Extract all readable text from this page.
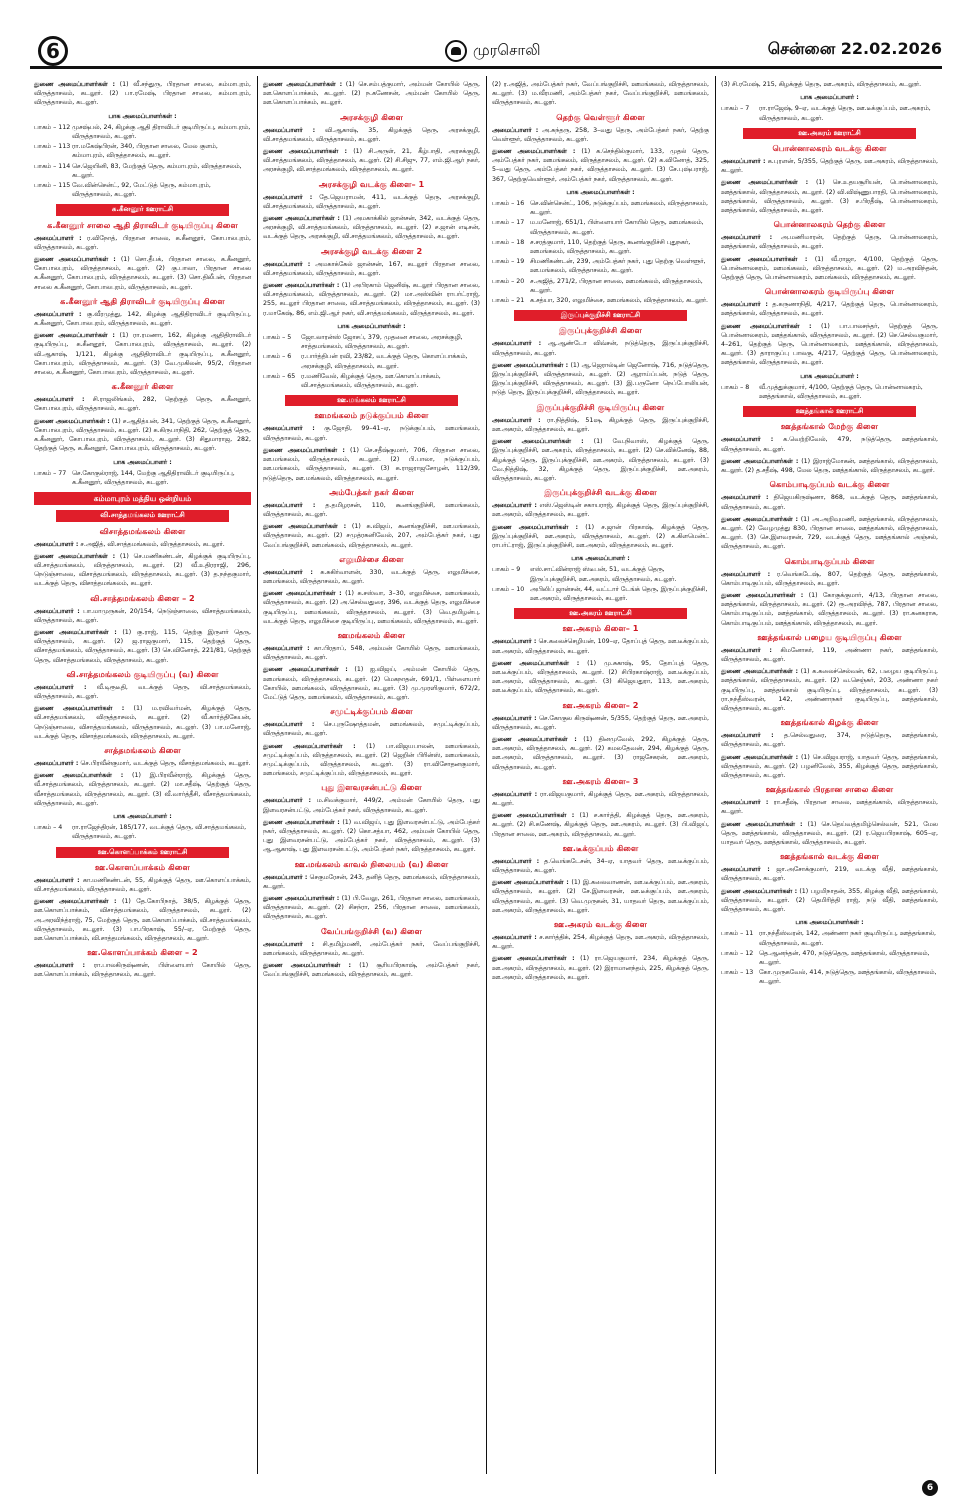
6	முரசொலி	சென்னை 22.02.2026
துணை அமைப்பாளர்கள் : (1) வீ.சந்துரு, பிரதான சாலை, கம்மாபுரம், விருத்தாசலம், கடலூர். (2) பா.ரமேஷ், பிரதான சாலை, கம்மாபுரம், விருத்தாசலம், கடலூர்.
பாக அமைப்பாளர்கள் :
பாகம் – 112 முசஷ்பல், 24, கிழக்கு ஆதி திராவிடர் குடியிருப்பு, கம்மாபுரம், விருத்தாசலம், கடலூர்.
பாகம் – 113 ரா.மகேஷ்பிரன், 340, பிரதான சாலை, மேல குளம், கம்மாபுரம், விருத்தாசலம், கடலூர்.
பாகம் – 114 செ.ஜெயினி, 83, மேற்குத் தெரு, கம்மாபுரம், விருத்தாசலம், கடலூர்.
பாகம் – 115 வே.வின்சென்ட், 92, மேட்டுத் தெரு, கம்மாபுரம், விருத்தாசலம், கடலூர்.
க.கீனனூர் ஊராட்சி
க.கீனனூர் சாலை ஆதி திராவிடர் குடியிருப்பு கிளை
அமைப்பாளர் : ர.விநோத், பிரதான சாலை, க.கீனனூர், கோபாலபுரம், விருத்தாசலம், கடலூர்.
துணை அமைப்பாளர்கள் : (1) சொ.தீபக், பிரதான சாலை, க.கீனனூர், கோபாலபுரம், விருத்தாசலம், கடலூர். (2) கு.பாலா, பிரதான சாலை க.கீனனூர், கோபாலபுரம், விருத்தாசலம், கடலூர். (3) சொ.திலீபன், பிரதான சாலை க.கீனனூர், கோபாலபுரம், விருத்தாசலம், கடலூர்.
க.கீனனூர் ஆதி திராவிடர் குடியிருப்பு கிளை
அமைப்பாளர் : கு.வீரமுத்து, 142, கிழக்கு ஆதிதிராவிடர் குடியிருப்பு, க.கீனனூர், கோபாலபுரம், விருத்தாசலம், கடலூர்.
துணை அமைப்பாளர்கள் : (1) ரா.ரமணா, 162, கிழக்கு ஆதிதிராவிடர் குடியிருப்பு, க.கீனனூர், கோபாலபுரம், விருத்தாசலம், கடலூர். (2) வி.ஆகாஷ், 1/121, கிழக்கு ஆதிதிராவிடர் குடியிருப்பு, க.கீனனூர், கோபாலபுரம், விருத்தாசலம், கடலூர். (3) வே.முகிலன், 95/2, பிரதான சாலை, க.கீனனூர், கோபாலபுரம், விருத்தாசலம், கடலூர்.
க.கீனனூர் கிளை
அமைப்பாளர் : சி.ராஜலிங்கம், 282, தெற்குத் தெரு, க.கீனனூர், கோபாலபுரம், விருத்தாசலம், கடலூர்.
துணை அமைப்பாளர்கள் : (1) ச.ஆதித்யன், 341, தெற்குத் தெரு, க.கீனனூர், கோபாலபுரம், விருத்தாசலம், கடலூர். (2) க.கிருபாநிதி, 262, தெற்குத் தெரு, க.கீனனூர், கோபாலபுரம், விருத்தாசலம், கடலூர். (3) சிதுமாராஜ, 282, தெற்குத் தெரு, க.கீனனூர், கோபாலபுரம், விருத்தாசலம், கடலூர்.
பாக அமைப்பாளர் :
பாகம் – 77 செ.கோகுல்ராஜ், 144, மேற்கு ஆதிதிராவிடர் குடியிருப்பு, க.கீனனூர், விருத்தாசலம், கடலூர்.
கம்மாபுரம் மத்திய ஒன்றியம்
வி.சாத்தமங்கலம் ஊராட்சி
விசாத்தமங்கலம் கிளை
அமைப்பாளர் : ச.அஜித், வி.சாத்தமங்கலம், விருத்தாசலம், கடலூர்.
துணை அமைப்பாளர்கள் : (1) செ.மணிகண்டன், கிழக்குக் குடியிருப்பு, வி.சாத்தமங்கலம், விருத்தாசலம், கடலூர். (2) வீ.உதிரராஜி, 296, நெடுஞ்சாலை, விசாத்தமங்கலம், விருத்தாசலம், கடலூர். (3) த.நந்தகுமார், வடக்குத் தெரு, விசாத்தமங்கலம், கடலூர்.
வி.சாத்தமங்கலம் கிளை – 2
அமைப்பாளர் : பா.மாமுருகன், 20/154, நெடுஞ்சாலை, விசாத்தமங்கலம், விருத்தாசலம், கடலூர்.
துணை அமைப்பாளர்கள் : (1) கு.ராஜ், 115, தெற்கு இருளர் தெரு, விருத்தாசலம், கடலூர். (2) ஜ.ராஜகுமார், 115, தெற்குத் தெரு, விசாத்தமங்கலம், விருத்தாசலம், கடலூர். (3) செ.வினோத், 221/81, தெற்குத் தெரு, விசாத்தமங்கலம், விருத்தாசலம், கடலூர்.
வி.சாத்தமங்கலம் குடியிருப்பு (வ) கிளை
அமைப்பாளர் : வீ.டிரூடீதி, வடக்குத் தெரு, வி.சாத்தமங்கலம், விருத்தாசலம், கடலூர்.
துணை அமைப்பாளர்கள் : (1) ம.ரவிவர்மன், கிழக்குத் தெரு, வி.சாத்தமங்கலம், விருத்தாசலம், கடலூர். (2) வீ.கார்த்திகேயன், நெடுஞ்சாலை, விசாத்தமங்கலம், விருத்தாசலம், கடலூர். (3) பா.மனோஜ், வடக்குத் தெரு, விசாத்தமங்கலம், விருத்தாசலம், கடலூர்.
சாத்தமங்கலம் கிளை
அமைப்பாளர் : செ.பிரவீன்குமார், வடக்குத் தெரு, வீசாத்தமங்கலம், கடலூர்.
துணை அமைப்பாளர்கள் : (1) இ.பிரவீன்ராஜ், கிழக்குத் தெரு, வீ.சாத்தமங்கலம், விருத்தாசலம், கடலூர். (2) மா.சதீஷ், தெற்குத் தெரு, வீசாத்தமங்கலம், விருத்தாசலம், கடலூர். (3) வீ.வார்த்தீசி, வீசாத்தமங்கலம், விருத்தாசலம், கடலூர்.
பாக அமைப்பாளர் :
பாகம் – 4	ரா.ராஜேந்திரன், 185/177, வடக்குத் தெரு, வி.சாத்தமங்கலம், விருத்தாசலம், கடலூர்.
ஊ.கொளப்பாக்கம் ஊராட்சி
ஊ.கொளப்பாக்கம் கிளை
அமைப்பாளர் : கா.மணிகண்டன், 55, கிழக்குத் தெரு, ஊ.கொளப்பாக்கம், வி.சாத்தமங்கலம், விருத்தாசலம், கடலூர்.
துணை அமைப்பாளர்கள் : (1) தே.கோபிநாத், 38/5, கிழக்குத் தெரு, ஊ.கொளப்பாக்கம், விசாத்தமங்கலம், விருத்தாசலம், கடலூர். (2) அ.அரவிந்த்ராஜ், 75, மேற்குத் தெரு, ஊ.கொளப்பாக்கம், வி.சாத்தமங்கலம், விருத்தாசலம், கடலூர். (3) பா.பிரகாஷ், 55/–ஏ, மேற்குத் தெரு, ஊ.கொளப்பாக்கம், வி.சாத்தமங்கலம், விருத்தாசலம், கடலூர்.
ஊ.கொளப்பாக்கம் கிளை – 2
அமைப்பாளர் : ரா.பாலகிருஷ்ணன், பிள்ளையார் கோயில் தெரு, ஊ.கொளப்பாக்கம், விருத்தாசலம், கடலூர்.
துணை அமைப்பாளர்கள் : (1) செ.சம்பத்குமார், அம்மன் கோயில் தெரு, ஊ.கொளப்பாக்கம், கடலூர். (2) ந.கணேசன், அம்மன் கோயில் தெரு, ஊ.கொளப்பாக்கம், கடலூர்.
அரசக்குழி கிளை
அமைப்பாளர் : வி.ஆகாஷ், 35, கிழக்குத் தெரு, அரசக்குழி, வி.சாத்தமங்கலம், விருத்தாசலம், கடலூர்.
துணை அமைப்பாளர்கள் : (1) சி.அருள், 21, கீழ்பாதி, அரசக்குழி, வி.சாத்தமங்கலம், விருத்தாசலம், கடலூர். (2) சி.சிஜு, 77, எம்.ஜி.ஆர் நகர், அரசக்குழி, வி.சாத்தமங்கலம், விருத்தாசலம், கடலூர்.
அரசக்குழி வடக்கு கிளை– 1
அமைப்பாளர் : தே.ஜெயராமன், 411, வடக்குத் தெரு, அரசக்குழி, வி.சாத்தமங்கலம், விருத்தாசலம், கடலூர்.
துணை அமைப்பாளர்கள் : (1) அமகாக்கில் ஜான்சன், 342, வடக்குத் தெரு, அரசக்குழி, வி.சாத்தமங்கலம், விருத்தாசலம், கடலூர். (2) ச.ஜான் எடிசன், வடக்குத் தெரு, அரசக்குழி, வி.சாத்தமங்கலம், விருத்தாசலம், கடலூர்.
அரசக்குழி வடக்கு கிளை 2
அமைப்பாளர் : அமகாக்கேல் ஜான்சன், 167, கடலூர் பிரதான சாலை, வி.சாத்தமங்கலம், விருத்தாசலம், கடலூர்.
துணை அமைப்பாளர்கள் : (1) அபிரகாம் ஜெனிஷ், கடலூர் பிரதான சாலை, வி.சாத்தமங்கலம், விருத்தாசலம், கடலூர். (2) மா.அஸ்வின் ராபர்ட்ராஜ், 255, கடலூர் பிரதான சாலை, வி.சாத்தமங்கலம், விருத்தாசலம், கடலூர். (3) ர.மாகேஷ், 86, எம்.ஜி.ஆர் நகர், வி.சாத்தமங்கலம், விருத்தாசலம், கடலூர்.
பாக அமைப்பாளர்கள் :
பாகம் – 5	ஜோ.லாரன்ஸ் ஜோசப், 379, முதனை சாலை, அரசக்குழி, சாத்தமங்கலம், விருத்தாசலம், கடலூர்.
பாகம் – 6	ர.பார்த்திபன் ரவி, 23/82, வடக்குத் தெரு, கொளப்பாக்கம், அரசக்குழி, விருத்தாசலம், கடலூர்.
பாகம் – 65 ர.மணிவேல், கிழக்குத் தெரு, ஊ.கொளப்பாக்கம், வி.சாத்தமங்கலம், விருத்தாசலம், கடலூர்.
ஊ.மங்கலம் ஊராட்சி
ஊமங்கலம் நடுக்குப்பம் கிளை
அமைப்பாளர் : கு.ஜோதி, 99–41–ஏ, நடுக்குப்பம், ஊமங்கலம், விருத்தாசலம், கடலூர்.
துணை அமைப்பாளர்கள் : (1) செ.சதீஷ்குமார், 706, பிரதான சாலை, ஊ.மங்கலம், விருத்தாசலம், கடலூர். (2) பி.பாலா, நடுக்குப்பம், ஊ.மங்கலம், விருத்தாசலம், கடலூர். (3) க.ராஜராஜசோழன், 112/39, நடுத்தெரு, ஊ.மங்கலம், விருத்தாசலம், கடலூர்.
அம்பேத்கர் நகர் கிளை
அமைப்பாளர் : த.தமிழரசன், 110, கூனங்குறிச்சி, ஊமங்கலம், விருத்தாசலம், கடலூர்.
துணை அமைப்பாளர்கள் : (1) க.விஜய், கூனங்குறிச்சி, ஊ.மங்கலம், விருத்தாசலம், கடலூர். (2) சமுத்ரகனிவேல், 207, அம்பேத்கர் நகர், புது வேப்பங்குறிச்சி, ஊமங்கலம், விருத்தாசலம், கடலூர்.
எலுமிச்சை கிளை
அமைப்பாளர் : க.சுகிர்வாளன், 330, வடக்குத் தெரு, எலுமிச்சை, ஊமங்கலம், விருத்தாசலம், கடலூர்.
துணை அமைப்பாளர்கள் : (1) க.சஸ்வா, 3–30, எலுமிச்சை, ஊமங்கலம், விருத்தாசலம், கடலூர். (2) அ.செல்வதுரை, 396, வடக்குத் தெரு, எலுமிச்சை குடியிருப்பு, ஊமங்கலம், விருத்தாசலம், கடலூர். (3) வெ.தமிழன்பு, வடக்குத் தெரு, எலுமிச்சை குடியிருப்பு, ஊமங்கலம், விருத்தாசலம், கடலூர்.
ஊமங்கலம் கிளை
அமைப்பாளர் : கா.பிரதாப், 548, அம்மன் கோயில் தெரு, ஊமங்கலம், விருத்தாசலம், கடலூர்.
துணை அமைப்பாளர்கள் : (1) ஐ.விஜய், அம்மன் கோயில் தெரு, ஊமங்கலம், விருத்தாசலம், கடலூர். (2) மெகநாதன், 691/1, பிள்ளையார் கோயில், ஊமங்கலம், விருத்தாசலம், கடலூர். (3) மு.முரளிகுமார், 672/2, மேட்டுத் தெரு, ஊமங்கலம், விருத்தாசலம், கடலூர்.
சமுட்டிக்குப்பம் கிளை
அமைப்பாளர் : செ.புருஷோத்தமன், ஊமங்கலம், சமுட்டிக்குப்பம், விருத்தாசலம், கடலூர்.
துணை அமைப்பாளர்கள் : (1) பா.விஜயபாலன், ஊமங்கலம், சமுட்டிக்குப்பம், விருத்தாசலம், கடலூர். (2) ஜெறின் பிரின்ஸ், ஊமங்கலம், சமுட்டிக்குப்பம், விருத்தாசலம், கடலூர். (3) ரா.விசோதனகுமார், ஊமங்கலம், சமுட்டிக்குப்பம், விருத்தாசலம், கடலூர்.
புது இளவரசன்பட்டு கிளை
அமைப்பாளர் : ம.சிவக்குமார், 449/2, அம்மன் கோயில் தெரு, புது இளவரசன்பட்டு, அம்பேத்கர் நகர், விருத்தாசலம், கடலூர்.
துணை அமைப்பாளர்கள் : (1) வ.விஜய், புது இளவரசன்பட்டு, அம்பேத்கர் நகர், விருத்தாசலம், கடலூர். (2) கொ.சத்யா, 462, அம்மன் கோயில் தெரு, புது இளவரசன்பட்டு, அம்பேத்கர் நகர், விருத்தாசலம், கடலூர். (3) ஆ.ஆகாஷ், புது இளவரசன்பட்டு, அம்பேத்கர் நகர், விருத்தாசலம், கடலூர்.
ஊ.மங்கலம் காவல் நிலையம் (வ) கிளை
அமைப்பாளர் : செகுமரேசன், 243, தனித் தெரு, ஊமங்கலம், விருத்தாசலம், கடலூர்.
துணை அமைப்பாளர்கள் : (1) பி.வேலு, 261, பிரதான சாலை, ஊமங்கலம், விருத்தாசலம், கடலூர். (2) சிசந்ரா, 256, பிரதான சாலை, ஊமங்கலம், விருத்தாசலம், கடலூர்.
வேப்பங்குறிச்சி (வ) கிளை
அமைப்பாளர் : சி.தமிழ்மணி, அம்பேத்கர் நகர், வேப்பங்குறிச்சி, ஊமங்கலம், விருத்தாசலம், கடலூர்.
துணை அமைப்பாளர்கள் : (1) சூரியபிரகாஷ், அம்பேத்கர் நகர், வேப்பங்குறிச்சி, ஊமங்கலம், விருத்தாசலம், கடலூர்.
(2) ர.அஜித், அம்பேத்கர் நகர், வேப்பங்குறிச்சி, ஊமங்கலம், விருத்தாசலம், கடலூர். (3) ம.வீரமணி, அம்பேத்கர் நகர், வேப்பங்குறிச்சி, ஊமங்கலம், விருத்தாசலம், கடலூர்.
தெற்கு வெள்ளூர் கிளை
அமைப்பாளர் : அ.சுந்தரு, 258, 3–வது தெரு, அம்பேத்கர் நகர், தெற்கு வெள்ளூர், விருத்தாசலம், கடலூர்.
துணை அமைப்பாளர்கள் : (1) க.செந்தில்குமார், 133, முதல் தெரு, அம்பேத்கர் நகர், ஊமங்கலம், விருத்தாசலம், கடலூர். (2) க.வினோத், 325, 5–வது தெரு, அம்பேத்கர் நகர், விருத்தாசலம், கடலூர். (3) சே.புஷ்பராஜ், 367, தெற்குவெள்ளூர், அம்பேத்கர் நகர், விருத்தாசலம், கடலூர்.
பாக அமைப்பாளர்கள் :
பாகம் – 16 செ.வின்சென்ட், 106, நடுக்குப்பம், ஊமங்கலம், விருத்தாசலம், கடலூர்.
பாகம் – 17 ம.மனோஜ், 651/1, பிள்ளையார் கோயில் தெரு, ஊமங்கலம், விருத்தாசலம், கடலூர்.
பாகம் – 18 ச.சரத்குமார், 110, தெற்குத் தெரு, கூனங்குறிச்சி புதுநகர், ஊமங்கலம், விருத்தாசலம், கடலூர்.
பாகம் – 19 சிமணிகண்டன், 239, அம்பேத்கர் நகர், புது தெற்கு வெள்ளூர், ஊ.மங்கலம், விருத்தாசலம், கடலூர்.
பாகம் – 20 ச.அஜித், 271/2, பிரதான சாலை, ஊமங்கலம், விருத்தாசலம், கடலூர்.
பாகம் – 21 க.சத்யா, 320, எலுமிச்சை, ஊமங்கலம், விருத்தாசலம், கடலூர்.
இருப்புக்குறிச்சி ஊராட்சி
இருப்புக்குறிச்சி கிளை
அமைப்பாளர் : ஆ.ஆண்டோ விவ்சன், நடுத்தெரு, இருப்புக்குறிச்சி, விருத்தாசலம், கடலூர்.
துணை அமைப்பாளர்கள் : (1) ஆ.ஜெரால்டின் ஜெனோஷ், 716, நடுத்தெரு, இருப்புக்குறிச்சி, விருத்தாசலம், கடலூர். (2) ஆராய்ப்பன், நடுத் தெரு, இருப்புக்குறிச்சி, விருத்தாசலம், கடலூர். (3) இ.பருனோ நெப்போலியன், நடுத் தெரு, இருப்புக்குறிச்சி, விருத்தாசலம், கடலூர்.
இருப்புக்குறிச்சி குடியிருப்பு கிளை
அமைப்பாளர் : ரா.நித்திஷ், 51ஷ, கிழக்குத் தெரு, இருப்புக்குறிச்சி, ஊ.அகரம், விருத்தாசலம், கடலூர்.
துணை அமைப்பாளர்கள் : (1) வே.நிவாஸ், கிழக்குத் தெரு, இருப்புக்குறிச்சி, ஊ.அகரம், விருத்தாசலம், கடலூர். (2) செ.விக்னேஷ், 88, கிழக்குத் தெரு, இருப்புக்குறிச்சி, ஊ.அகரம், விருத்தாசலம், கடலூர். (3) வே.நித்திஷ், 32, கிழக்குத் தெரு, இருப்புக்குறிச்சி, ஊ.அகரம், விருத்தாசலம், கடலூர்.
இருப்புக்குறிச்சி வடக்கு கிளை
அமைப்பாளர் : எஸ்.ஜெஸ்டின் சகாயராஜ், கிழக்குத் தெரு, இருப்புக்குறிச்சி, ஊ.அகரம், விருத்தாசலம், கடலூர்.
துணை அமைப்பாளர்கள் : (1) ச.ஜான் பிரகாஷ், கிழக்குத் தெரு, இருப்புக்குறிச்சி, ஊ.அகரம், விருத்தாசலம், கடலூர். (2) க.கிளமென்ட் ராபர்ட்ராஜ், இருப்புக்குறிச்சி, ஊ.அகரம், விருத்தாசலம், கடலூர்.
பாக அமைப்பாளர் :
பாகம் – 9	எஸ்.சாட்வின்ராஜ் ஸ்டீபன், 51, வடக்குத் தெரு, இருப்புக்குறிச்சி, ஊ.அகரம், விருத்தாசலம், கடலூர்.
பாகம் – 10 அபிலிப் ஜான்சன், 44, வட்டார் டேங்க் தெரு, இருப்புக்குறிச்சி, ஊ.அகரம், விருத்தாசலம், கடலூர்.
ஊ.அகரம் ஊராட்சி
ஊ.அகரம் கிளை– 1
அமைப்பாளர் : செ.கலைச்செழியன், 109–ஏ, தோப்புத் தெரு, ஊ.டீக்குப்பம், ஊ.அகரம், விருத்தாசலம், கடலூர்.
துணை அமைப்பாளர்கள் : (1) மு.சுகாஷ், 95, தோப்புத் தெரு, ஊ.டீக்குப்பம், விருத்தாசலம், கடலூர். (2) சிபிரகாஷ்ராஜ், ஊ.டீக்குப்பம், ஊ.அகரம், விருத்தாசலம், கடலூர். (3) கிஜெயதுரா, 113, ஊ.அகரம், ஊ.டீக்குப்பம், விருத்தாசலம், கடலூர்.
ஊ.அகரம் கிளை– 2
அமைப்பாளர் : செ.கோகுல கிருஷ்ணன், 5/355, தெற்குத் தெரு, ஊ.அகரம், விருத்தாசலம், கடலூர்.
துணை அமைப்பாளர்கள் : (1) தினமுவேல், 292, கிழக்குத் தெரு, ஊ.அகரம், விருத்தாசலம், கடலூர். (2) கமலதேவன், 294, கிழக்குத் தெரு, ஊ.அகரம், விருத்தாசலம், கடலூர். (3) ராஜசேகரன், ஊ.அகரம், விருத்தாசலம், கடலூர்.
ஊ.அகரம் கிளை– 3
அமைப்பாளர் : ரா.விஜயகுமார், கிழக்குத் தெரு, ஊ.அகரம், விருத்தாசலம், கடலூர்.
துணை அமைப்பாளர்கள் : (1) ச.கார்த்தி, கிழக்குத் தெரு, ஊ.அகரம், கடலூர். (2) சி.கணேஷ், கிழக்குத் தெரு, ஊ.அகரம், கடலூர். (3) பி.விஜய், பிரதான சாலை, ஊ.அகரம், விருத்தாசலம், கடலூர்.
ஊ.டீக்குப்பம் கிளை
அமைப்பாளர் : த.வெங்கடேசன், 34–ஏ, யாதவர் தெரு, ஊ.டீக்குப்பம், விருத்தாசலம், கடலூர்.
துணை அமைப்பாளர்கள் : (1) இ.கலைவாணன், ஊ.டீக்குப்பம், ஊ.அகரம், விருத்தாசலம், கடலூர். (2) சே.இளவரசன், ஊ.டீக்குப்பம், ஊ.அகரம், விருத்தாசலம், கடலூர். (3) வெ.முருகன், 31, யாதவர் தெரு, ஊ.டீக்குப்பம், ஊ.அகரம், விருத்தாசலம், கடலூர்.
ஊ.அகரம் வடக்கு கிளை
அமைப்பாளர் : ச.கார்த்திக், 254, கிழக்குத் தெரு, ஊ.அகரம், விருத்தாசலம், கடலூர்.
துணை அமைப்பாளர்கள் : (1) ரா.ஜெயகுமார், 234, கிழக்குத் தெரு, ஊ.அகரம், விருத்தாசலம், கடலூர். (2) இராமானந்தம், 225, கிழக்குத் தெரு, ஊ.அகரம், விருத்தாசலம், கடலூர்.
(3) சி.ரமேஷ், 215, கிழக்குத் தெரு, ஊ.அகரம், விருத்தாசலம், கடலூர்.
பாக அமைப்பாளர் :
பாகம் – 7	ரா.ராஜேஷ், 9–ஏ, வடக்குத் தெரு, ஊ.டீக்குப்பம், ஊ.அகரம், விருத்தாசலம், கடலூர்.
ஊ.அகரம் ஊராட்சி
பொன்னாலகரம் வடக்கு கிளை
அமைப்பாளர் : க.புரளன், 5/355, தெற்குத் தெரு, ஊ.அகரம், விருத்தாசலம், கடலூர்.
துணை அமைப்பாளர்கள் : (1) செ.உதயசூரியன், பொன்னாலகரம், ஊத்தங்கால், விருத்தாசலம், கடலூர். (2) வி.விஷ்ணுபாரதி, பொன்னாலகரம், ஊத்தங்கால், விருத்தாசலம், கடலூர். (3) ச.பிரதீஷ், பொன்னாலகரம், ஊத்தங்கால், விருத்தாசலம், கடலூர்.
பொன்னாலகரம் தெற்கு கிளை
அமைப்பாளர் : அ.மணிமாரன், தெற்குத் தெரு, பொன்னாலகரம், ஊத்தங்கால், விருத்தாசலம், கடலூர்.
துணை அமைப்பாளர்கள் : (1) வீ.ராஜா, 4/100, தெற்குத் தெரு, பொன்னாலகரம், ஊமங்கலம், விருத்தாசலம், கடலூர். (2) ம.அரவிந்தன், தெற்குத் தெரு, பொன்னாலகரம், ஊமங்கலம், விருத்தாசலம், கடலூர்.
பொன்னாலகரம் குடியிருப்பு கிளை
அமைப்பாளர் : த.கருணாநிதி, 4/217, தெற்குத் தெரு, பொன்னாலகரம், ஊத்தங்கால், விருத்தாசலம், கடலூர்.
துணை அமைப்பாளர்கள் : (1) பா.பாலசந்தர், தெற்குத் தெரு, பொன்னாலகரம், ஊத்தங்கால், விருத்தாசலம், கடலூர். (2) செ.செல்வகுமார், 4–261, தெற்குத் தெரு, பொன்னாலகரம், ஊத்தங்கால், விருத்தாசலம், கடலூர். (3) தாராகுப்பு பாலகு, 4/217, தெற்குத் தெரு, பொன்னாலகரம், ஊத்தங்கால், விருத்தாசலம், கடலூர்.
பாக அமைப்பாளர் :
பாகம் – 8	வீ.முத்துக்குமார், 4/100, தெற்குத் தெரு, பொன்னாலகரம், ஊத்தங்கால், விருத்தாசலம், கடலூர்.
ஊத்தங்கால் ஊராட்சி
ஊத்தங்கால் மேற்கு கிளை
அமைப்பாளர் : க.வெற்றிவேல், 479, நடுத்தெரு, ஊத்தங்கால், விருத்தாசலம், கடலூர்.
துணை அமைப்பாளர்கள் : (1) இராஜ்மோகன், ஊத்தங்கால், விருத்தாசலம், கடலூர். (2) த.சதீஷ், 498, மேல தெரு, ஊத்தங்கால், விருத்தாசலம், கடலூர்.
கொம்பாடிகுப்பம் வடக்கு கிளை
அமைப்பாளர் : திஜெயகிருஷ்ணா, 868, வடக்குத் தெரு, ஊத்தங்கால், விருத்தாசலம், கடலூர்.
துணை அமைப்பாளர்கள் : (1) அ.அறிவுமணி, ஊத்தங்கால், விருத்தாசலம், கடலூர். (2) வேழமுத்து 830, பிரதான சாலை, ஊத்தங்கால், விருத்தாசலம், கடலூர். (3) செ.இளவரசன், 729, வடக்குத் தெரு, ஊத்தங்கால் அஞ்சல், விருத்தாசலம், கடலூர்.
கொம்பாடிகுப்பம் கிளை
அமைப்பாளர் : ர.வெங்கடேஷ், 807, தெற்குத் தெரு, ஊத்தங்கால், கொம்பாடிகுப்பம், விருத்தாசலம், கடலூர்.
துணை அமைப்பாளர்கள் : (1) கோகுக்குமார், 4/13, பிரதான சாலை, ஊத்தங்கால், விருத்தாசலம், கடலூர். (2) ரூ.அரவிந்த், 787, பிரதான சாலை, கொம்பாடிகுப்பம், ஊத்தங்கால், விருத்தாசலம், கடலூர். (3) ரா.கனகராசு, கொம்பாடிகுப்பம், ஊத்தங்கால், விருத்தாசலம், கடலூர்.
ஊத்தங்கால் பழைய குடியிருப்பு கிளை
அமைப்பாளர் : கிமனோகர், 119, அண்ணா நகர், ஊத்தங்கால், விருத்தாசலம், கடலூர்.
துணை அமைப்பாளர்கள் : (1) க.கலைச்செல்வன், 62, பழைய குடியிருப்பு, ஊத்தங்கால், விருத்தாசலம், கடலூர். (2) வ.செஞ்சுர், 203, அண்ணா நகர் குடியிருப்பு, ஊத்தங்கால் குடியிருப்பு, விருத்தாசலம், கடலூர். (3) ரா.நந்தீஸ்வரன், 142, அண்ணாநகர் குடியிருப்பு, ஊத்தங்கால், விருத்தாசலம், கடலூர்.
ஊத்தங்கால் கிழக்கு கிளை
அமைப்பாளர் : த.செல்வதுரை, 374, நடுத்தெரு, ஊத்தங்கால், விருத்தாசலம், கடலூர்.
துணை அமைப்பாளர்கள் : (1) செ.விஜயராஜ், யாதவர் தெரு, ஊத்தங்கால், விருத்தாசலம், கடலூர். (2) பழனிவேல், 355, கிழக்குத் தெரு, ஊத்தங்கால், விருத்தாசலம், கடலூர்.
ஊத்தங்கால் பிரதான சாலை கிளை
அமைப்பாளர் : ரா.சதீஷ், பிரதான சாலை, ஊத்தங்கால், விருத்தாசலம், கடலூர்.
துணை அமைப்பாளர்கள் : (1) செ.தெய்வத்தமிழ்செல்வன், 521, மேல தெரு, ஊத்தங்கால், விருத்தாசலம், கடலூர். (2) ர.ஜெயபிரகாஷ், 605–ஏ, யாதவர் தெரு, ஊத்தங்கால், விருத்தாசலம், கடலூர்.
ஊத்தங்கால் வடக்கு கிளை
அமைப்பாளர் : ஜா.அசோக்குமார், 219, வடக்கு வீதி, ஊத்தங்கால், விருத்தாசலம், கடலூர்.
துணை அமைப்பாளர்கள் : (1) பழமிநாதன், 355, கிழக்கு வீதி, ஊத்தங்கால், விருத்தாசலம், கடலூர். (2) தெமிரித்தி ராஜ், நடு வீதி, ஊத்தங்கால், விருத்தாசலம், கடலூர்.
பாக அமைப்பாளர்கள் :
பாகம் – 11 ரா.நந்தீஸ்வரன், 142, அண்ணா நகர் குடியிருப்பு, ஊத்தங்கால், விருத்தாசலம், கடலூர்.
பாகம் – 12 தெ.ஆனந்தன், 470, நடுத்தெரு, ஊத்தங்கால், விருத்தாசலம், கடலூர்.
பாகம் – 13 கோ.முருகவேல், 414, நடுத்தெரு, ஊத்தங்கால், விருத்தாசலம், கடலூர்.
6
